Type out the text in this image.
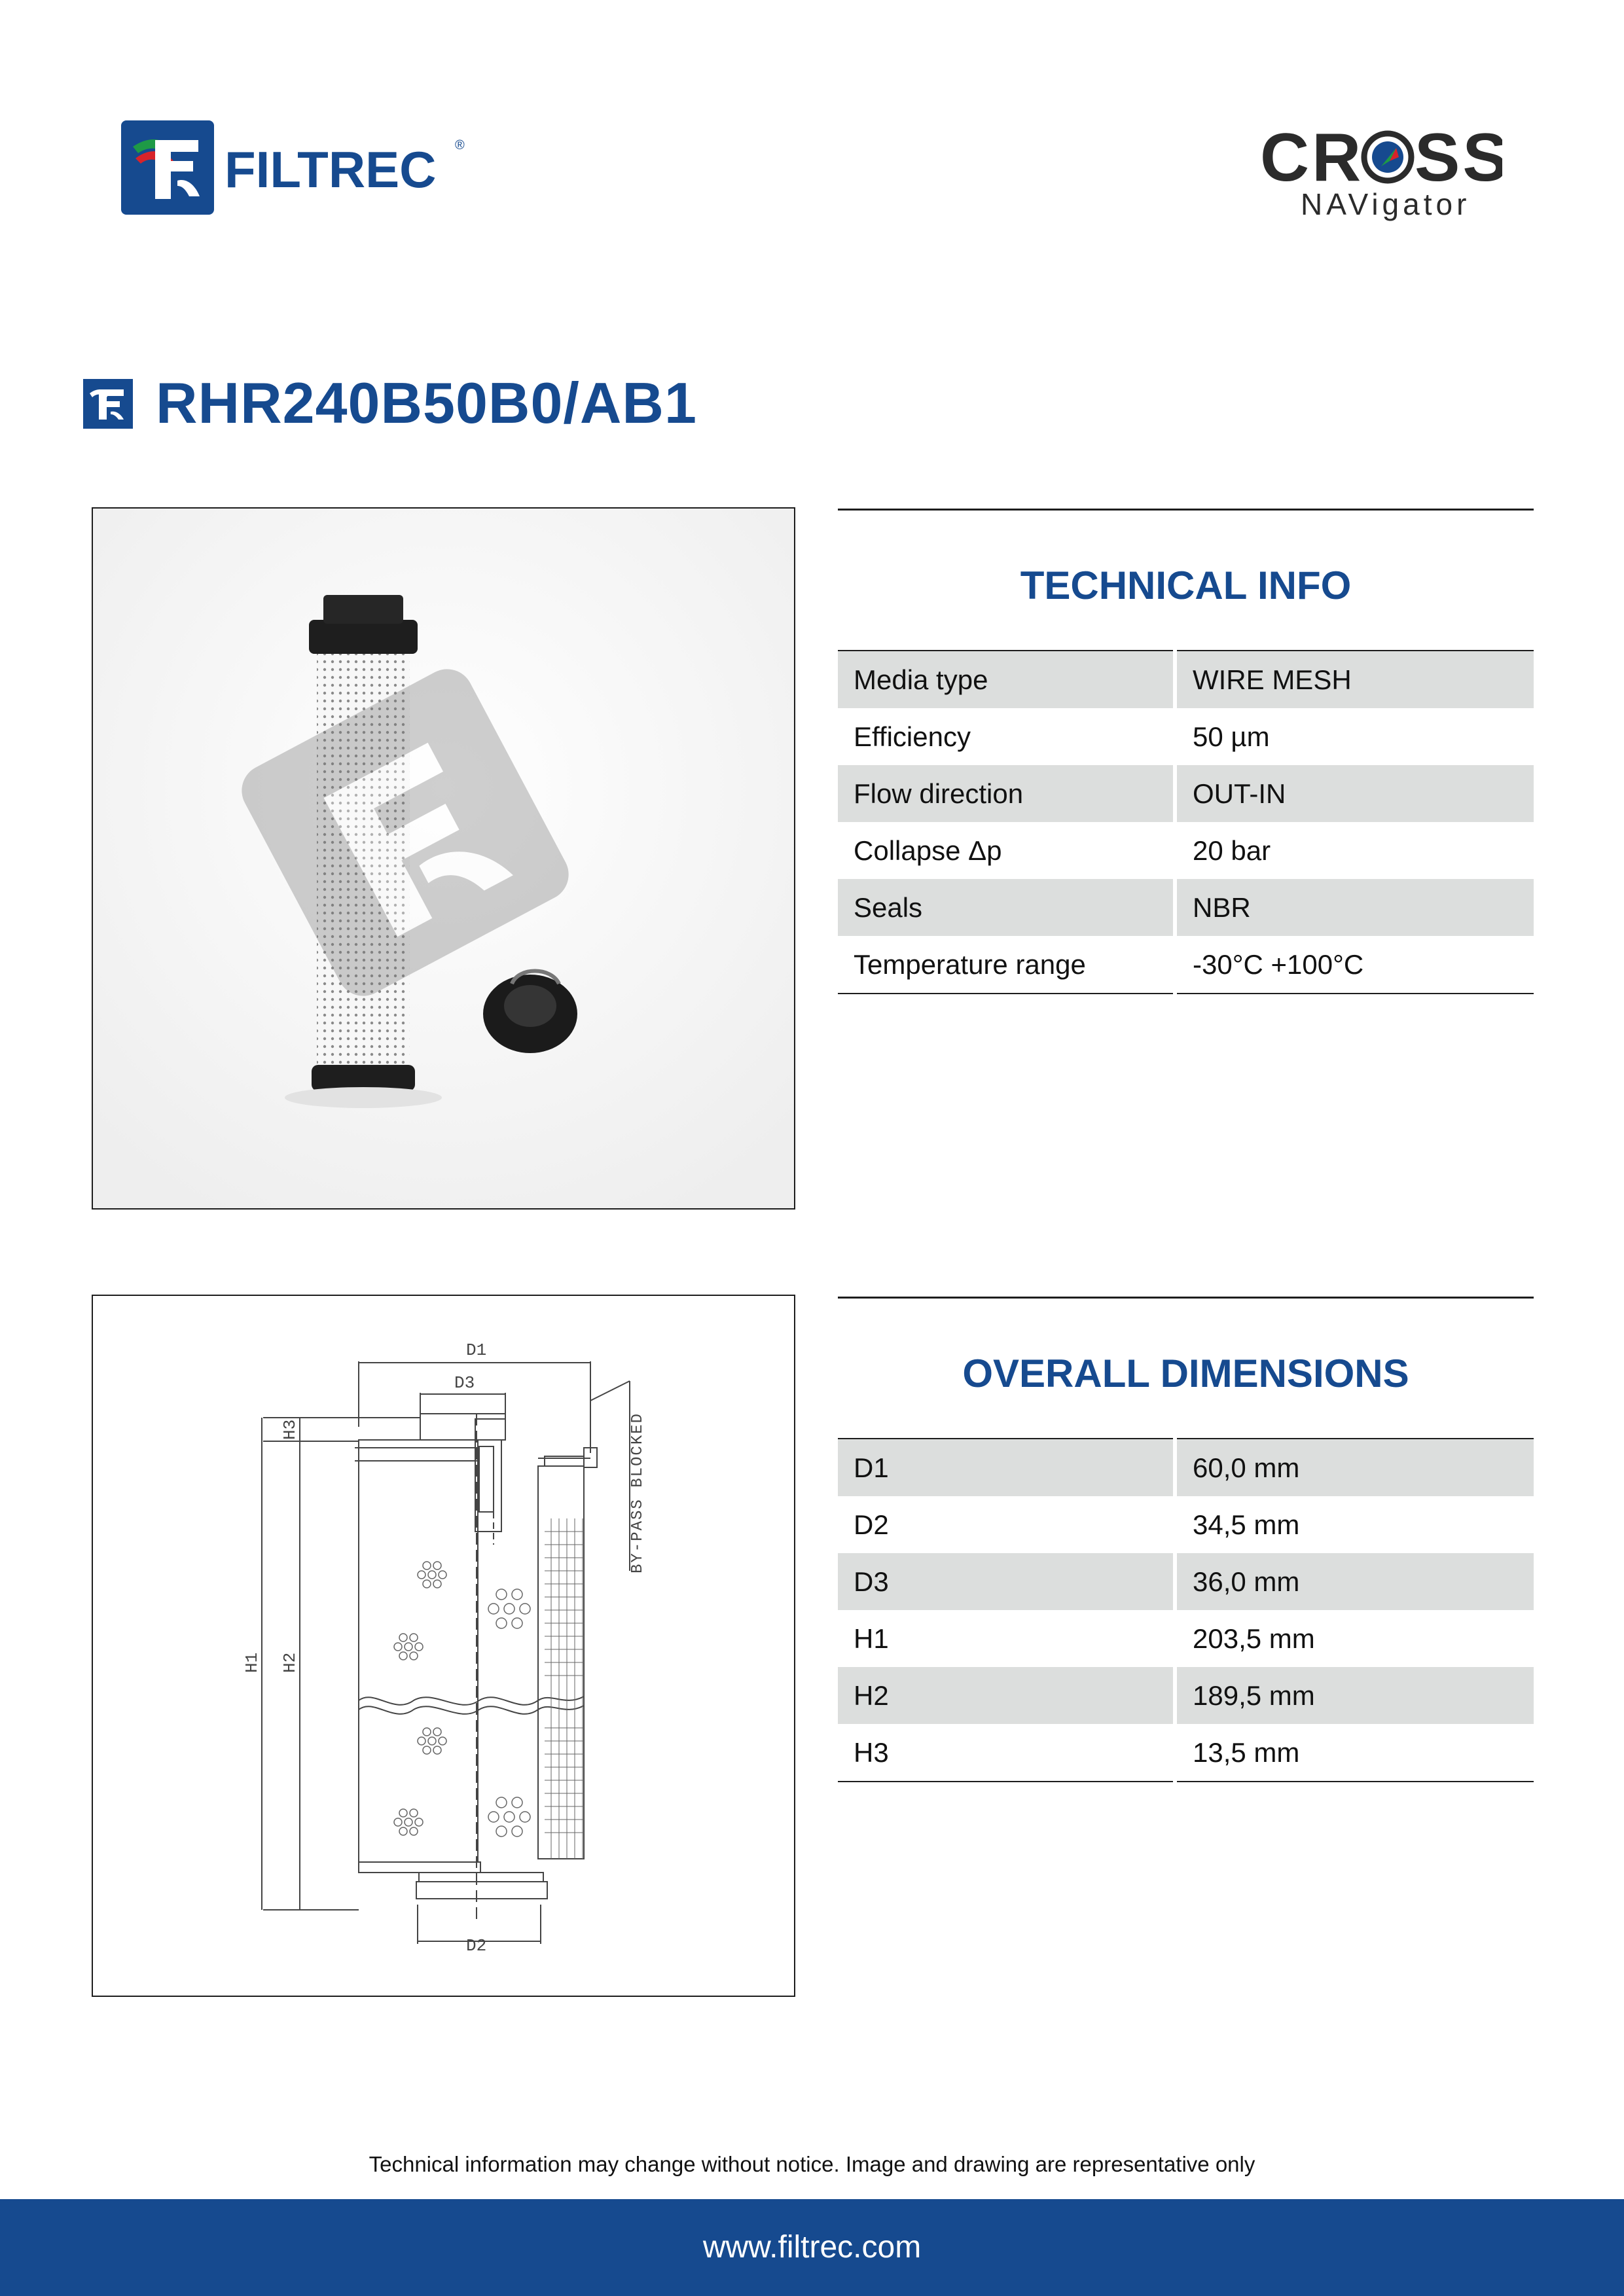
FILTREC ®	CR SS
NAVigator
RHR240B50B0/AB1
TECHNICAL INFO
Media type	WIRE MESH
Efficiency	50 µm
Flow direction	OUT-IN
Collapse Δp	20 bar
Seals	NBR
Temperature range	-30°C +100°C
D1
D3
D2
H1 H2
H3	BY-PASS BLOCKED
OVERALL DIMENSIONS
D1	60,0 mm
D2	34,5 mm
D3	36,0 mm
H1	203,5 mm
H2	189,5 mm
H3	13,5 mm
Technical information may change without notice. Image and drawing are representative only
www.filtrec.com
